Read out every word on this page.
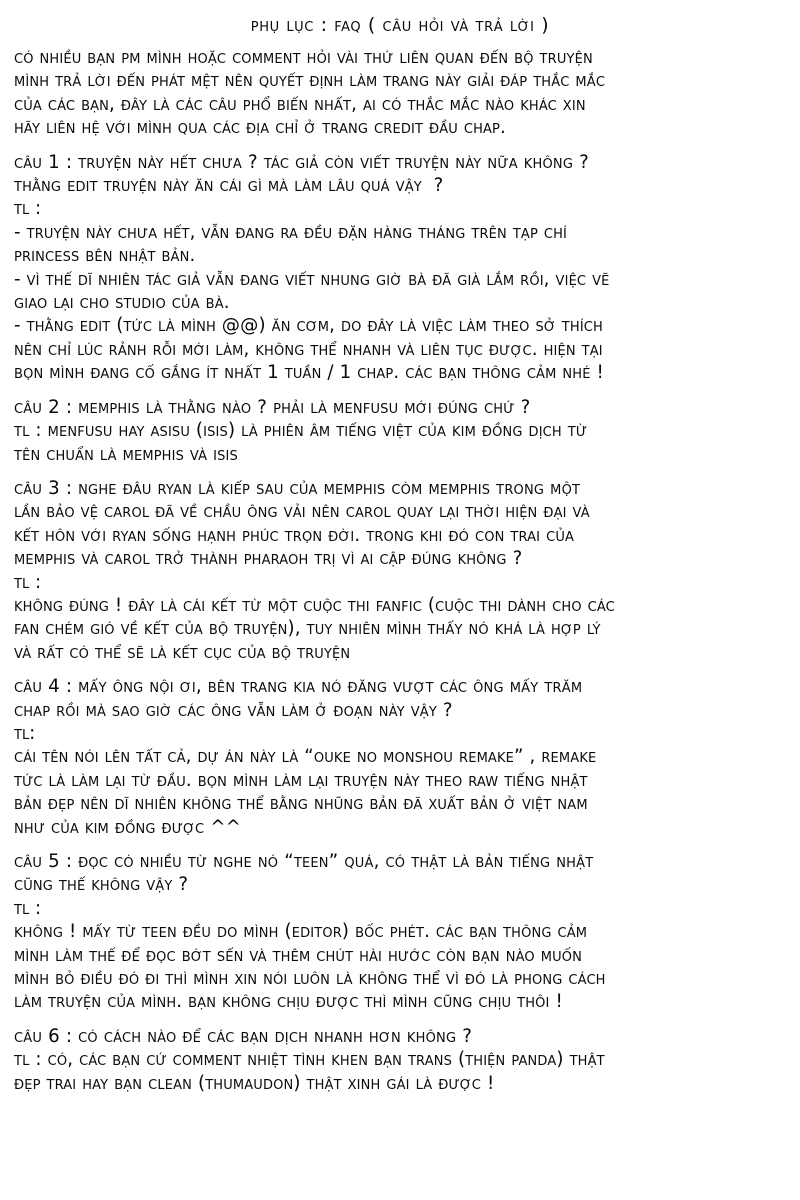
phụ lục : faq ( câu hỏi và trả lời )
có nhiều bạn pm mình hoặc comment hỏi vài thứ liên quan đến bộ truyện
mình trả lời đến phát mệt nên quyết định làm trang này giải đáp thắc mắc
của các bạn, đây là các câu phổ biến nhất, ai có thắc mắc nào khác xin
hãy liên hệ với mình qua các địa chỉ ở trang credit đầu chap.
câu 1 : truyện này hết chưa ? tác giả còn viết truyện này nữa không ?
thằng edit truyện này ăn cái gì mà làm lâu quá vậy  ?
tl :
- truyện này chưa hết, vẫn đang ra đều đặn hàng tháng trên tạp chí
princess bên nhật bản.
- vì thế dĩ nhiên tác giả vẫn đang viết nhung giờ bà đã già lắm rồi, việc vẽ
giao lại cho studio của bà.
- thằng edit (tức là mình @@) ăn cơm, do đây là việc làm theo sở thích
nên chỉ lúc rảnh rỗi mới làm, không thể nhanh và liên tục được. hiện tại
bọn mình đang cố gắng ít nhất 1 tuần / 1 chap. các bạn thông cảm nhé !
câu 2 : memphis là thằng nào ? phải là menfusu mới đúng chứ ?
tl : menfusu hay asisu (isis) là phiên âm tiếng việt của kim đồng dịch từ
tên chuẩn là memphis và isis
câu 3 : nghe đâu ryan là kiếp sau của memphis còm memphis trong một
lần bảo vệ carol đã về chầu ông vải nên carol quay lại thời hiện đại và
kết hôn với ryan sống hạnh phúc trọn đời. trong khi đó con trai của
memphis và carol trở thành pharaoh trị vì ai cập đúng không ?
tl :
không đúng ! đây là cái kết từ một cuộc thi fanfic (cuộc thi dành cho các
fan chém gió về kết của bộ truyện), tuy nhiên mình thấy nó khá là hợp lý
và rất có thể sẽ là kết cục của bộ truyện
câu 4 : mấy ông nội ơi, bên trang kia nó đăng vượt các ông mấy trăm
chap rồi mà sao giờ các ông vẫn làm ở đoạn này vậy ?
tl:
cái tên nói lên tất cả, dự án này là “ouke no monshou remake” , remake
tức là làm lại từ đầu. bọn mình làm lại truyện này theo raw tiếng nhật
bản đẹp nên dĩ nhiên không thể bằng nhũng bản đã xuất bản ở việt nam
như của kim đồng được ^^
câu 5 : đọc có nhiều từ nghe nó “teen” quá, có thật là bản tiếng nhật
cũng thế không vậy ?
tl :
không ! mấy từ teen đều do mình (editor) bốc phét. các bạn thông cảm
mình làm thế để đọc bớt sến và thêm chút hài hước còn bạn nào muốn
mình bỏ điều đó đi thì mình xin nói luôn là không thể vì đó là phong cách
làm truyện của mình. bạn không chịu được thì mình cũng chịu thôi !
câu 6 : có cách nào để các bạn dịch nhanh hơn không ?
tl : có, các bạn cứ comment nhiệt tình khen bạn trans (thiện panda) thật
đẹp trai hay bạn clean (thumaudon) thật xinh gái là được !
